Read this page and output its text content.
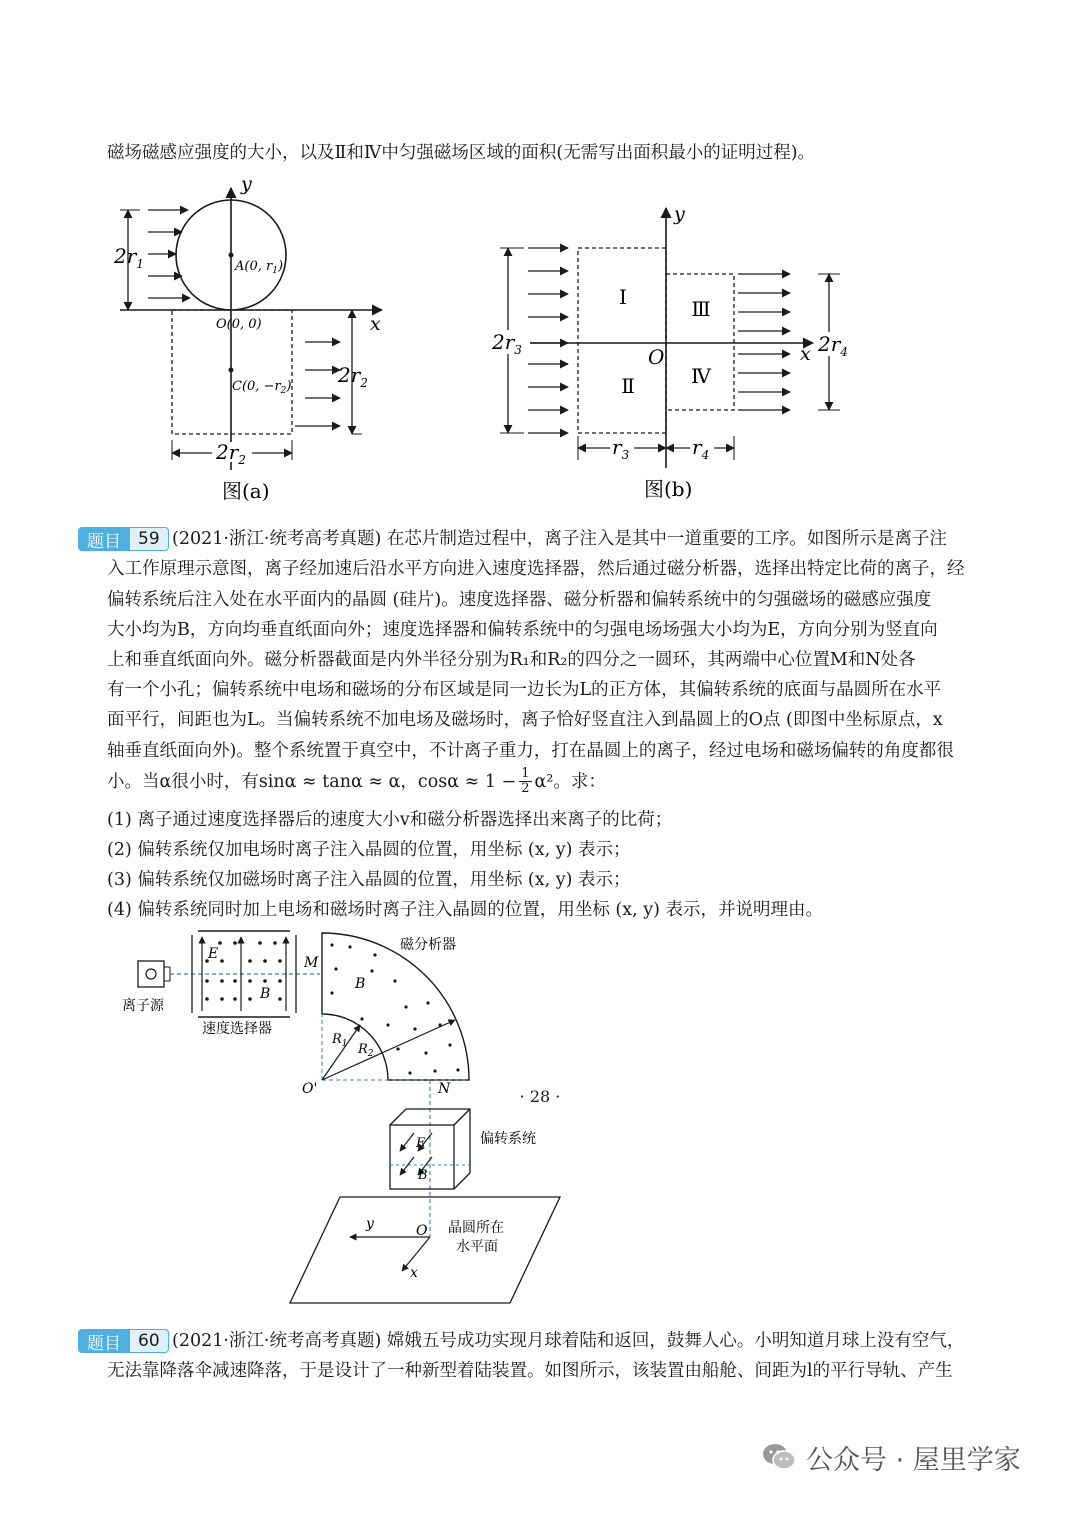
磁场磁感应强度的大小，以及Ⅱ和Ⅳ中匀强磁场区域的面积(无需写出面积最小的证明过程)。
y
x
A(0, $r_1$)
$2r_1$
O(0, 0)
C(0, $-r_2$) $2r_2$
$2r_2$
图(a)
y
x
O
Ⅰ
Ⅱ
Ⅲ
Ⅳ
$2r_3$	$2r_4$
$r_3$	$r_4$
图(b)
题目	59 (2021·浙江·统考高考真题) 在芯片制造过程中，离子注入是其中一道重要的工序。如图所示是离子注
入工作原理示意图，离子经加速后沿水平方向进入速度选择器，然后通过磁分析器，选择出特定比荷的离子，经
偏转系统后注入处在水平面内的晶圆 (硅片)。速度选择器、磁分析器和偏转系统中的匀强磁场的磁感应强度
大小均为B，方向均垂直纸面向外；速度选择器和偏转系统中的匀强电场场强大小均为E，方向分别为竖直向
上和垂直纸面向外。磁分析器截面是内外半径分别为R₁和R₂的四分之一圆环，其两端中心位置M和N处各
有一个小孔；偏转系统中电场和磁场的分布区域是同一边长为L的正方体，其偏转系统的底面与晶圆所在水平
面平行，间距也为L。当偏转系统不加电场及磁场时，离子恰好竖直注入到晶圆上的O点 (即图中坐标原点，x
轴垂直纸面向外)。整个系统置于真空中，不计离子重力，打在晶圆上的离子，经过电场和磁场偏转的角度都很
小。当α很小时，有sinα ≈ tanα ≈ α，$\cos\alpha \approx 1 - \frac{1}{2} \alpha^2$。求：
(1) 离子通过速度选择器后的速度大小v和磁分析器选择出来离子的比荷；
(2) 偏转系统仅加电场时离子注入晶圆的位置，用坐标 (x, y) 表示；
(3) 偏转系统仅加磁场时离子注入晶圆的位置，用坐标 (x, y) 表示；
(4) 偏转系统同时加上电场和磁场时离子注入晶圆的位置，用坐标 (x, y) 表示，并说明理由。
离子源
E
B
速度选择器
M
磁分析器
B
$R_1$ $R_2$
O'	N
E
B
偏转系统
y	O
x
晶圆所在
水平面
题目	60 (2021·浙江·统考高考真题) 嫦娥五号成功实现月球着陆和返回，鼓舞人心。小明知道月球上没有空气，
无法靠降落伞减速降落，于是设计了一种新型着陆装置。如图所示，该装置由船舱、间距为l的平行导轨、产生
· 28 ·
公众号 · 屋里学家
